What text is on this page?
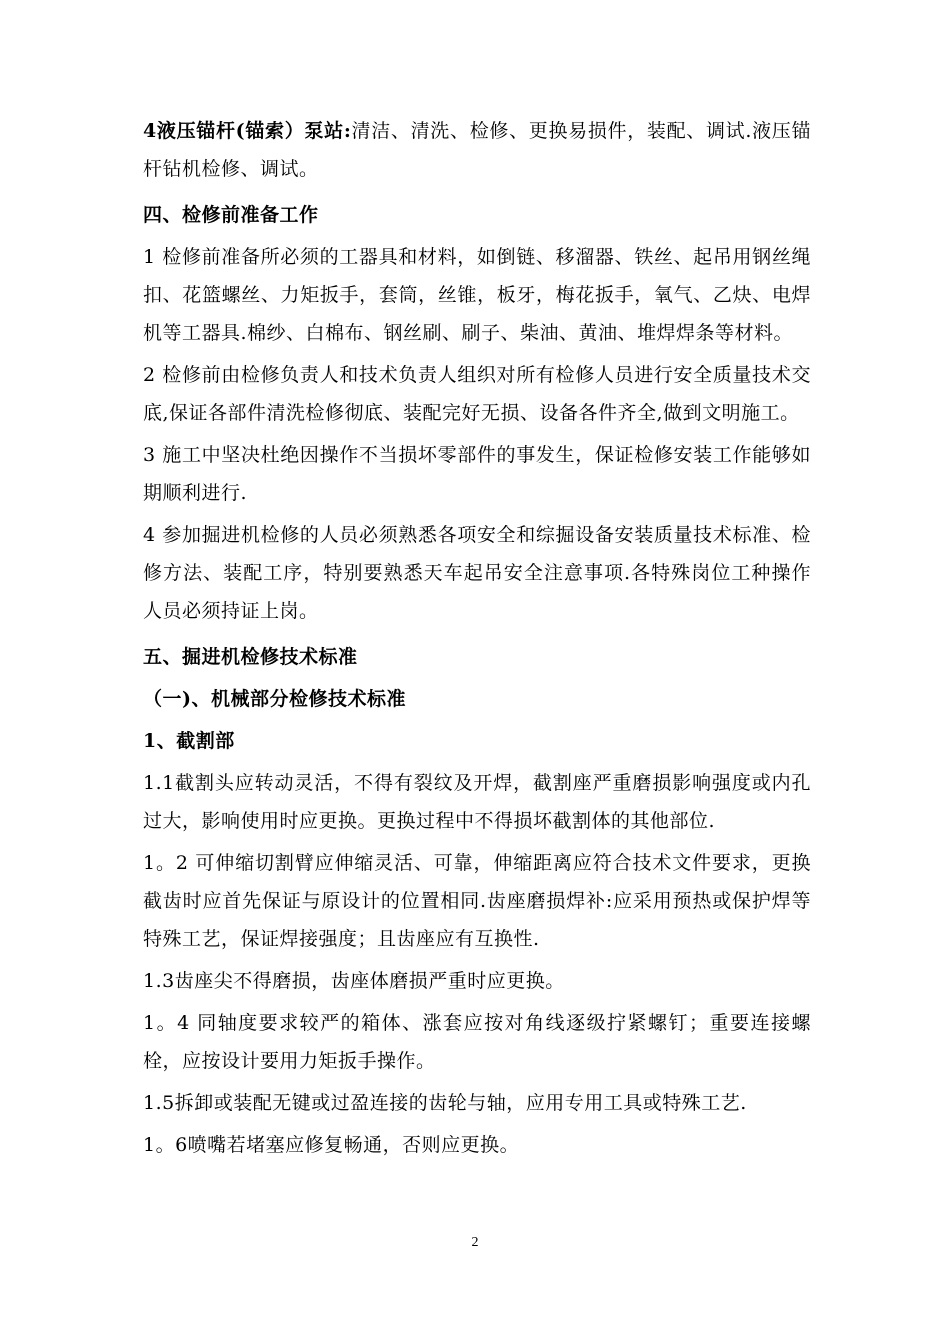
4液压锚杆(锚索）泵站:清洁、清洗、检修、更换易损件，装配、调试.液压锚杆钻机检修、调试。

四、检修前准备工作

1 检修前准备所必须的工器具和材料，如倒链、移溜器、铁丝、起吊用钢丝绳扣、花篮螺丝、力矩扳手，套筒，丝锥，板牙，梅花扳手，氧气、乙炔、电焊机等工器具.棉纱、白棉布、钢丝刷、刷子、柴油、黄油、堆焊焊条等材料。

2 检修前由检修负责人和技术负责人组织对所有检修人员进行安全质量技术交底,保证各部件清洗检修彻底、装配完好无损、设备各件齐全,做到文明施工。

3 施工中坚决杜绝因操作不当损坏零部件的事发生，保证检修安装工作能够如期顺利进行.

4 参加掘进机检修的人员必须熟悉各项安全和综掘设备安装质量技术标准、检修方法、装配工序，特别要熟悉天车起吊安全注意事项.各特殊岗位工种操作人员必须持证上岗。

五、掘进机检修技术标准

（一)、机械部分检修技术标准

1、截割部

1.1截割头应转动灵活，不得有裂纹及开焊，截割座严重磨损影响强度或内孔过大，影响使用时应更换。更换过程中不得损坏截割体的其他部位.

1。2 可伸缩切割臂应伸缩灵活、可靠，伸缩距离应符合技术文件要求，更换截齿时应首先保证与原设计的位置相同.齿座磨损焊补:应采用预热或保护焊等特殊工艺，保证焊接强度；且齿座应有互换性.

1.3齿座尖不得磨损，齿座体磨损严重时应更换。

1。4 同轴度要求较严的箱体、涨套应按对角线逐级拧紧螺钉；重要连接螺栓，应按设计要用力矩扳手操作。

1.5拆卸或装配无键或过盈连接的齿轮与轴，应用专用工具或特殊工艺.

1。6喷嘴若堵塞应修复畅通，否则应更换。

2
